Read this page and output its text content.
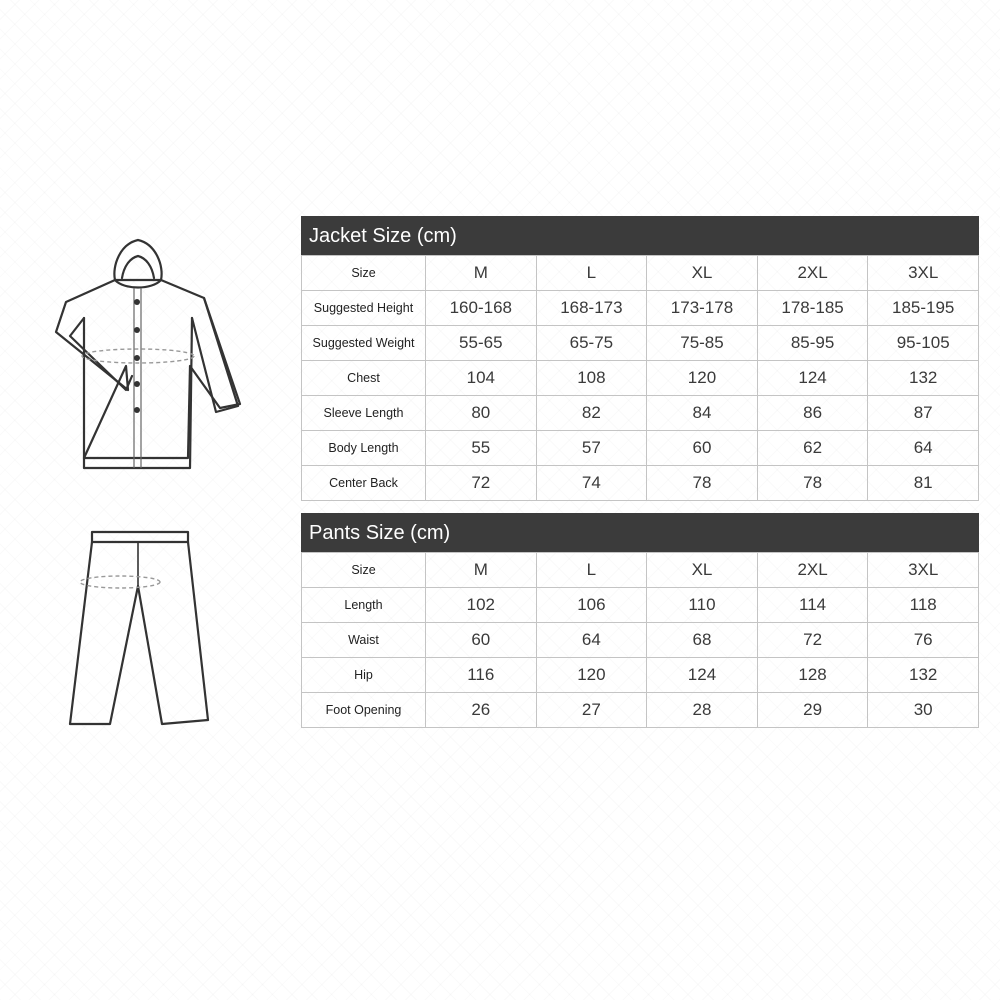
Jacket Size (cm)
Size	M	L	XL	2XL	3XL
Suggested Height	160-168	168-173	173-178	178-185	185-195
Suggested Weight	55-65	65-75	75-85	85-95	95-105
Chest	104	108	120	124	132
Sleeve Length	80	82	84	86	87
Body Length	55	57	60	62	64
Center Back	72	74	78	78	81
Pants Size (cm)
Size	M	L	XL	2XL	3XL
Length	102	106	110	114	118
Waist	60	64	68	72	76
Hip	116	120	124	128	132
Foot Opening	26	27	28	29	30
